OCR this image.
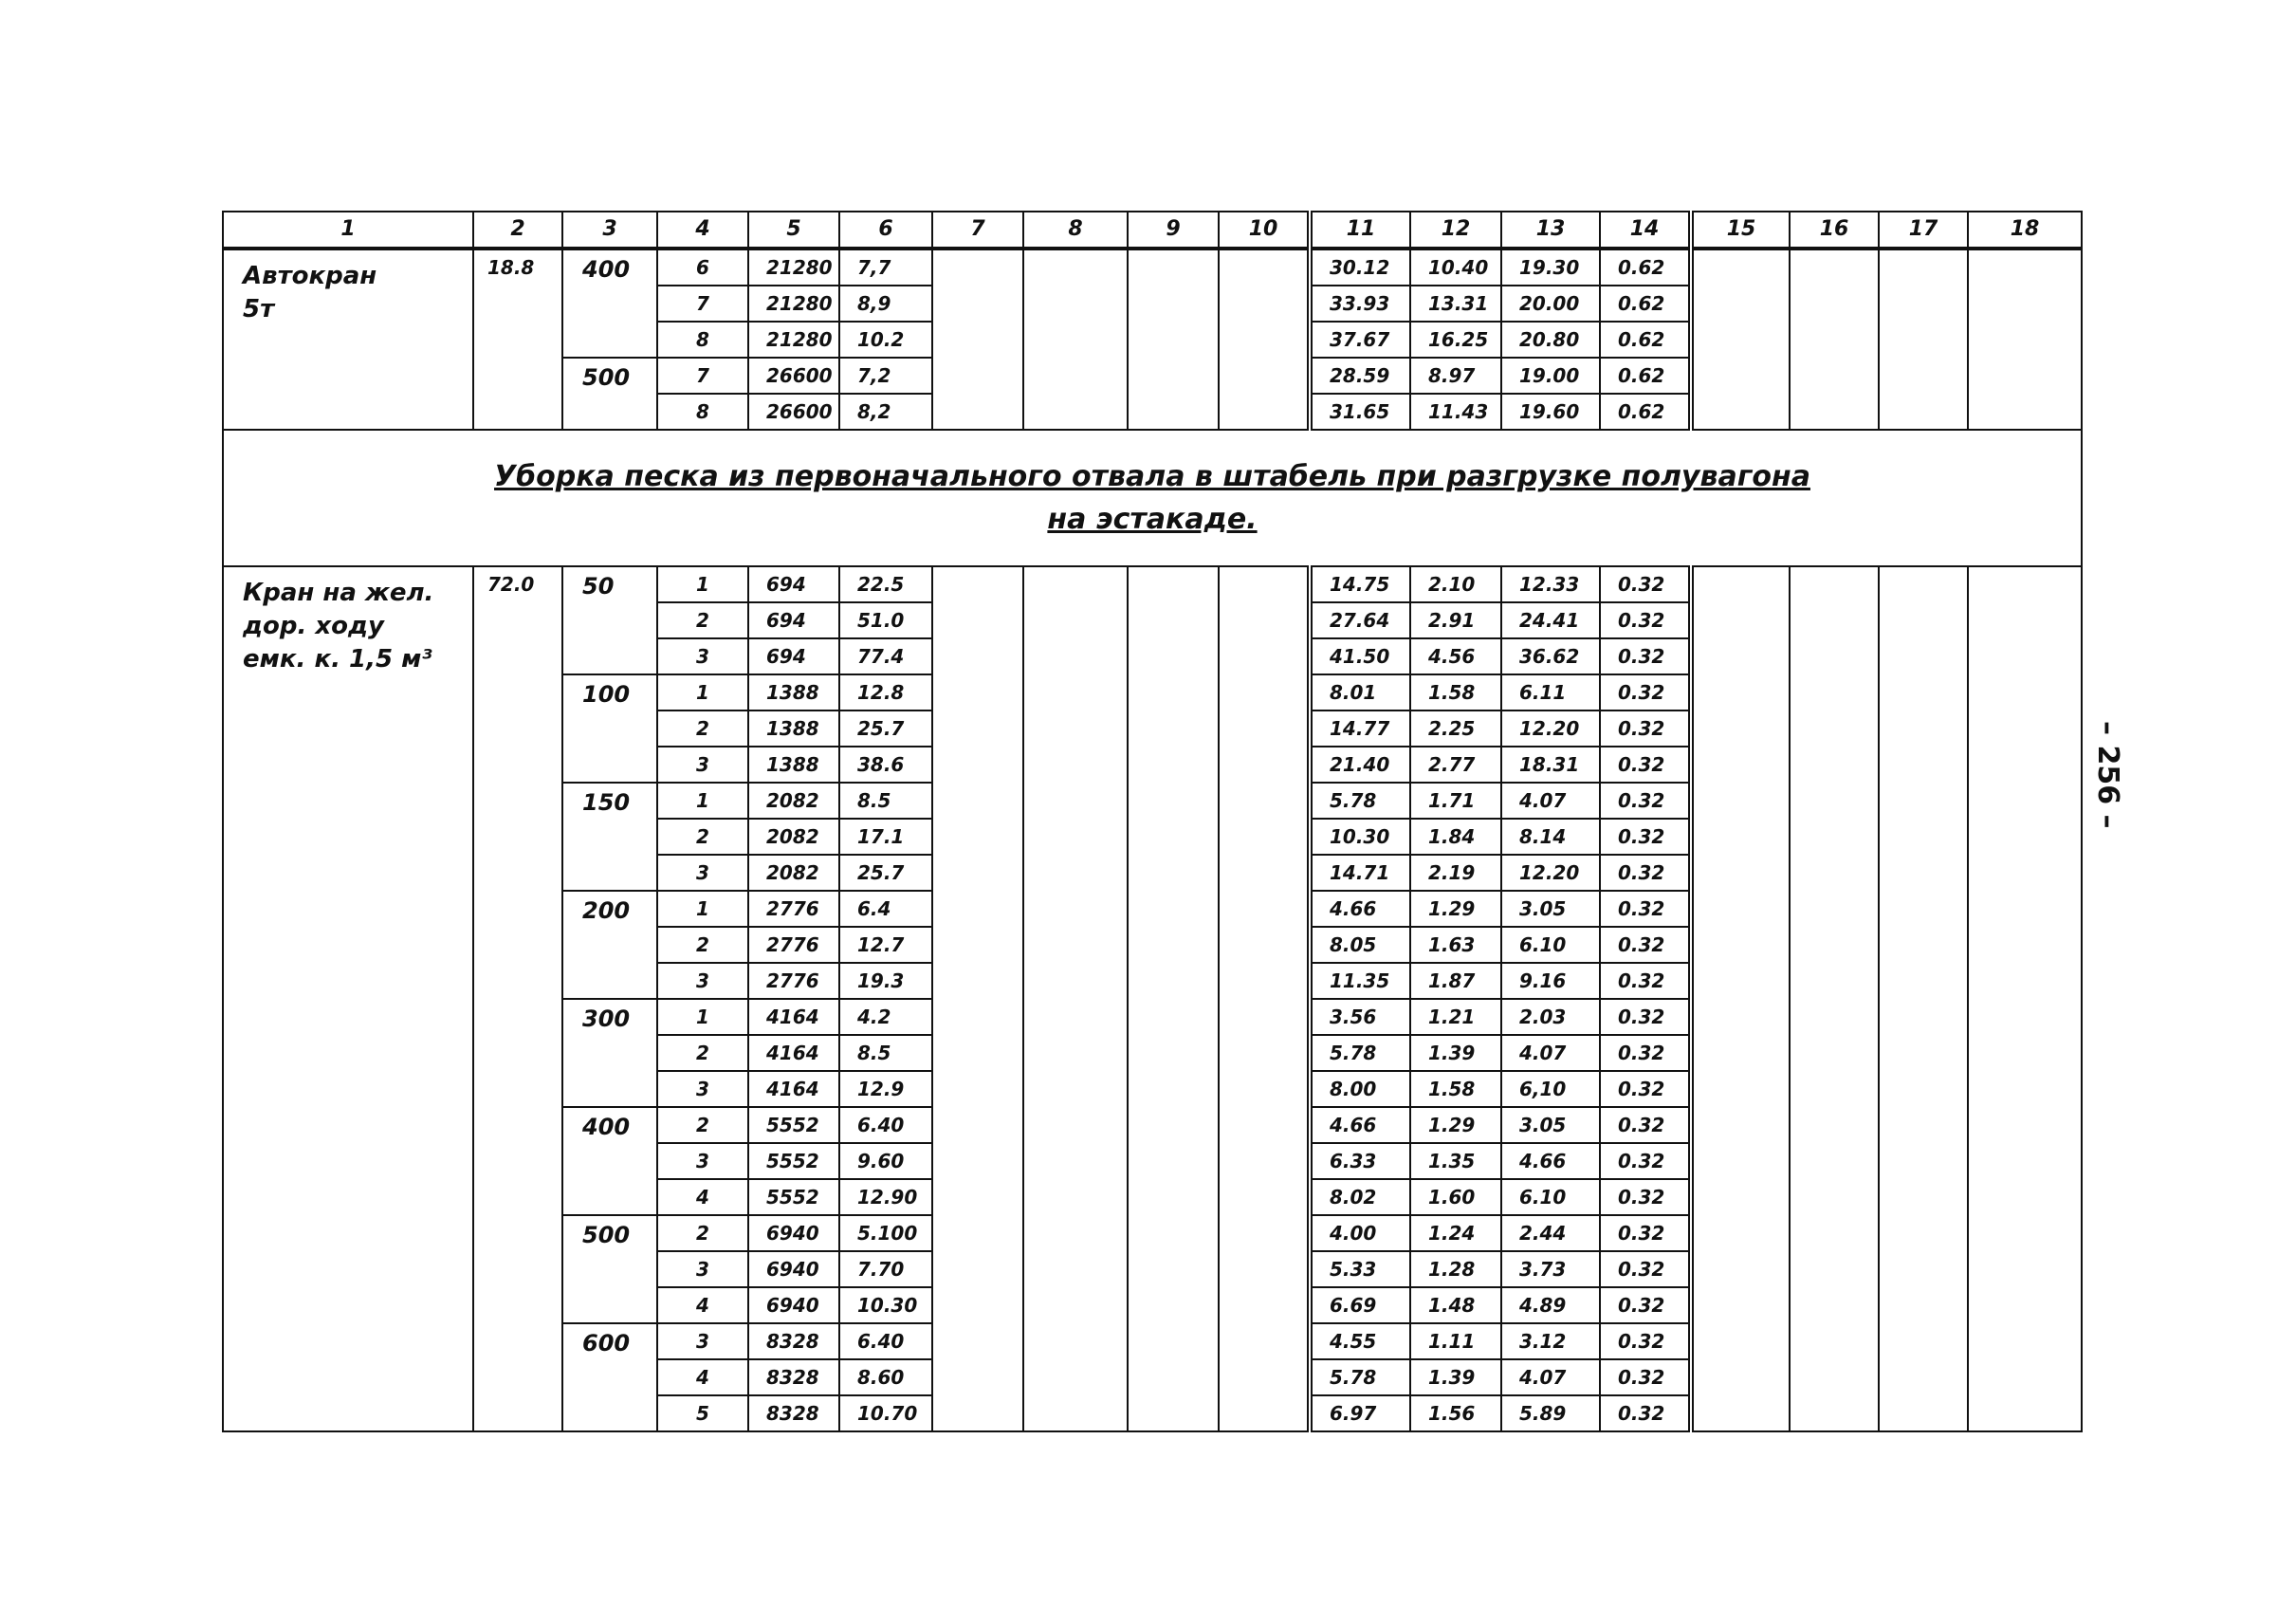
1	2	3	4	5	6	7	8	9	10	11	12	13	14	15	16	17	18

Автокран
5т	18.8	400	6	21280	7,7					30.12	10.40	19.30	0.62				
			7	21280	8,9					33.93	13.31	20.00	0.62				
			8	21280	10.2					37.67	16.25	20.80	0.62				
		500	7	26600	7,2					28.59	8.97	19.00	0.62				
			8	26600	8,2					31.65	11.43	19.60	0.62				

Уборка песка из первоначального отвала в штабель при разгрузке полувагона
на эстакаде.																	

Кран на жел.
дор. ходу
емк. к. 1,5 м³	72.0	50	1	694	22.5					14.75	2.10	12.33	0.32				
			2	694	51.0					27.64	2.91	24.41	0.32				
			3	694	77.4					41.50	4.56	36.62	0.32				
		100	1	1388	12.8					8.01	1.58	6.11	0.32				
			2	1388	25.7					14.77	2.25	12.20	0.32				
			3	1388	38.6					21.40	2.77	18.31	0.32				
		150	1	2082	8.5					5.78	1.71	4.07	0.32				
			2	2082	17.1					10.30	1.84	8.14	0.32				
			3	2082	25.7					14.71	2.19	12.20	0.32				
		200	1	2776	6.4					4.66	1.29	3.05	0.32				
			2	2776	12.7					8.05	1.63	6.10	0.32				
			3	2776	19.3					11.35	1.87	9.16	0.32				
		300	1	4164	4.2					3.56	1.21	2.03	0.32				
			2	4164	8.5					5.78	1.39	4.07	0.32				
			3	4164	12.9					8.00	1.58	6,10	0.32				
		400	2	5552	6.40					4.66	1.29	3.05	0.32				
			3	5552	9.60					6.33	1.35	4.66	0.32				
			4	5552	12.90					8.02	1.60	6.10	0.32				
		500	2	6940	5.100					4.00	1.24	2.44	0.32				
			3	6940	7.70					5.33	1.28	3.73	0.32				
			4	6940	10.30					6.69	1.48	4.89	0.32				
		600	3	8328	6.40					4.55	1.11	3.12	0.32				
			4	8328	8.60					5.78	1.39	4.07	0.32				
			5	8328	10.70					6.97	1.56	5.89	0.32				
– 256 –
